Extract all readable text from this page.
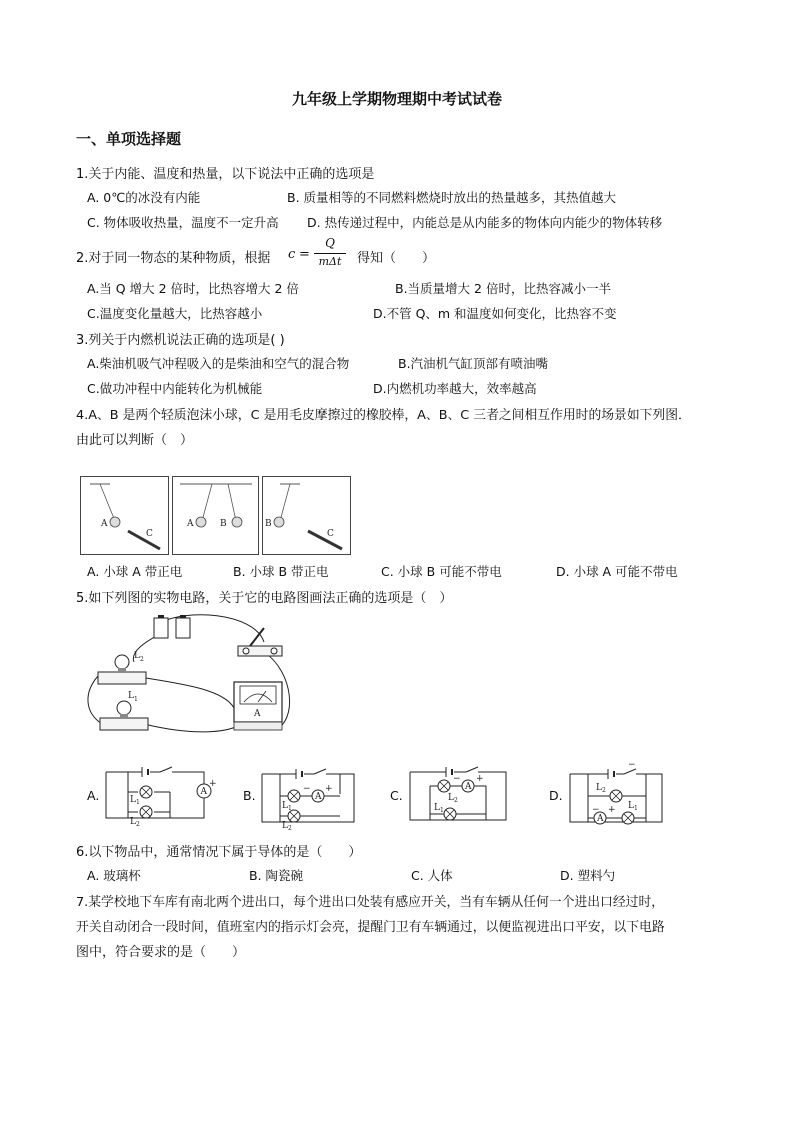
九年级上学期物理期中考试试卷
一、单项选择题
1.关于内能、温度和热量，以下说法中正确的选项是
A. 0℃的冰没有内能	B. 质量相等的不同燃料燃烧时放出的热量越多，其热值越大
C. 物体吸收热量，温度不一定升高 D. 热传递过程中，内能总是从内能多的物体向内能少的物体转移
2.对于同一物态的某种物质，根据 c =
Q
mΔt	得知（　　）
A.当 Q 增大 2 倍时，比热容增大 2 倍	B.当质量增大 2 倍时，比热容减小一半
C.温度变化量越大，比热容越小	D.不管 Q、m 和温度如何变化，比热容不变
3.列关于内燃机说法正确的选项是( )
A.柴油机吸气冲程吸入的是柴油和空气的混合物	B.汽油机气缸顶部有喷油嘴
C.做功冲程中内能转化为机械能	D.内燃机功率越大，效率越高
4.A、B 是两个轻质泡沫小球，C 是用毛皮摩擦过的橡胶棒，A、B、C 三者之间相互作用时的场景如下列图．
由此可以判断（　）
A
C
A	B	B
C
A. 小球 A 带正电	B. 小球 B 带正电	C. 小球 B 可能不带电	D. 小球 A 可能不带电
5.如下列图的实物电路，关于它的电路图画法正确的选项是（　）
$L_2$
$L_1$
A
A.	B.	C.	D.
$L_1$
$L_2$
A
+
A
− +
$L_1$
$L_2$
A
− +
$L_2$
$L_1$
−
A
$L_2$
$L_1$
− +
6.以下物品中，通常情况下属于导体的是（　　）
A. 玻璃杯	B. 陶瓷碗	C. 人体	D. 塑料勺
7.某学校地下车库有南北两个进出口，每个进出口处装有感应开关，当有车辆从任何一个进出口经过时，
开关自动闭合一段时间，值班室内的指示灯会亮，提醒门卫有车辆通过，以便监视进出口平安，以下电路
图中，符合要求的是（　　）
